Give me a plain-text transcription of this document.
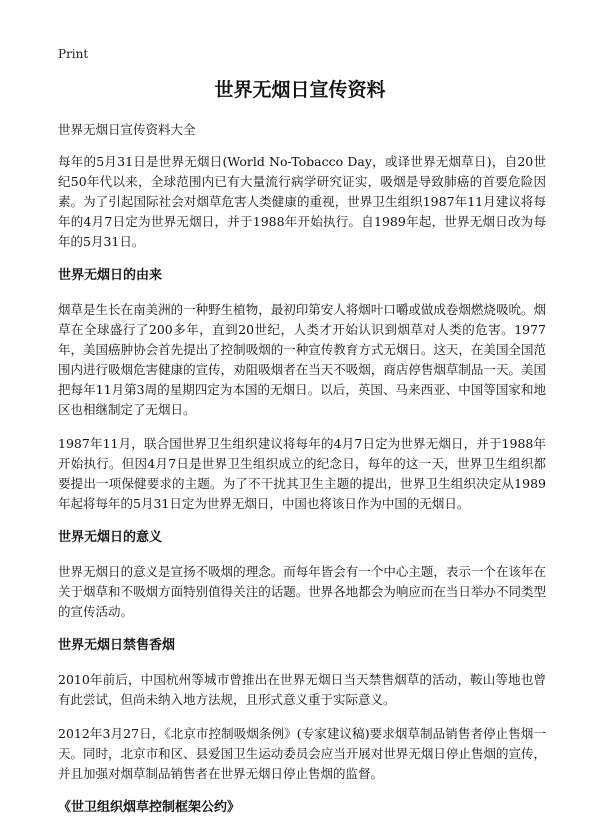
Print
世界无烟日宣传资料
世界无烟日宣传资料大全

每年的5月31日是世界无烟日(World No-Tobacco Day，或译世界无烟草日)，自20世纪50年代以来，全球范围内已有大量流行病学研究证实，吸烟是导致肺癌的首要危险因素。为了引起国际社会对烟草危害人类健康的重视，世界卫生组织1987年11月建议将每年的4月7日定为世界无烟日，并于1988年开始执行。自1989年起，世界无烟日改为每年的5月31日。

世界无烟日的由来

烟草是生长在南美洲的一种野生植物，最初印第安人将烟叶口嚼或做成卷烟燃烧吸吮。烟草在全球盛行了200多年，直到20世纪，人类才开始认识到烟草对人类的危害。1977年，美国癌肿协会首先提出了控制吸烟的一种宣传教育方式无烟日。这天，在美国全国范围内进行吸烟危害健康的宣传，劝阻吸烟者在当天不吸烟，商店停售烟草制品一天。美国把每年11月第3周的星期四定为本国的无烟日。以后，英国、马来西亚、中国等国家和地区也相继制定了无烟日。

1987年11月，联合国世界卫生组织建议将每年的4月7日定为世界无烟日，并于1988年开始执行。但因4月7日是世界卫生组织成立的纪念日，每年的这一天，世界卫生组织都要提出一项保健要求的主题。为了不干扰其卫生主题的提出，世界卫生组织决定从1989年起将每年的5月31日定为世界无烟日，中国也将该日作为中国的无烟日。

世界无烟日的意义

世界无烟日的意义是宣扬不吸烟的理念。而每年皆会有一个中心主题，表示一个在该年在关于烟草和不吸烟方面特别值得关注的话题。世界各地都会为响应而在当日举办不同类型的宣传活动。

世界无烟日禁售香烟

2010年前后，中国杭州等城市曾推出在世界无烟日当天禁售烟草的活动，鞍山等地也曾有此尝试，但尚未纳入地方法规，且形式意义重于实际意义。

2012年3月27日，《北京市控制吸烟条例》(专家建议稿)要求烟草制品销售者停止售烟一天。同时，北京市和区、县爱国卫生运动委员会应当开展对世界无烟日停止售烟的宣传，并且加强对烟草制品销售者在世界无烟日停止售烟的监督。

《世卫组织烟草控制框架公约》
